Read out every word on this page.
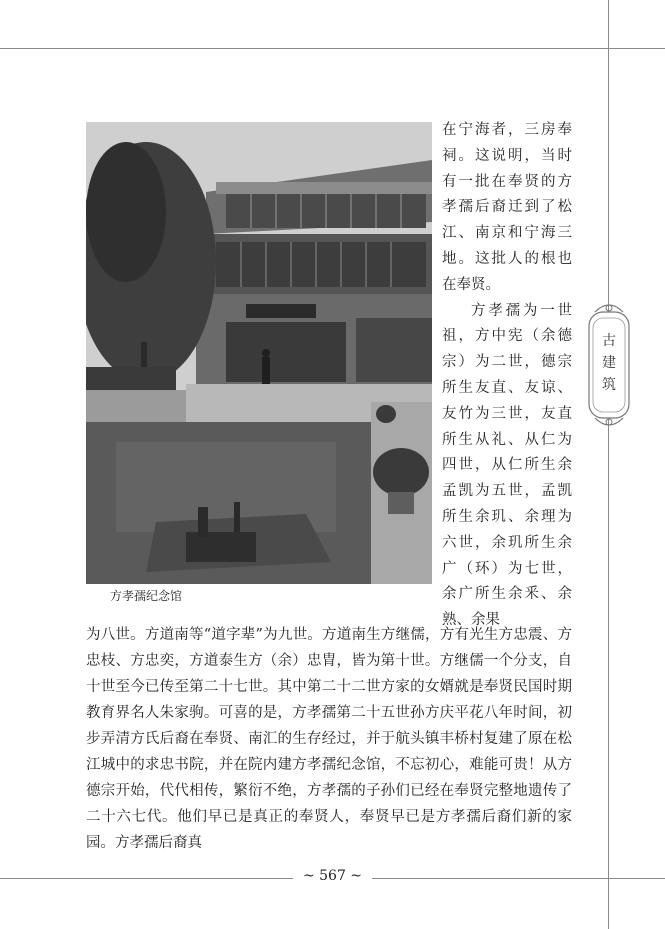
方孝孺纪念馆

在宁海者，三房奉祠。这说明，当时有一批在奉贤的方孝孺后裔迁到了松江、南京和宁海三地。这批人的根也在奉贤。

方孝孺为一世祖，方中宪（余德宗）为二世，德宗所生友直、友谅、友竹为三世，友直所生从礼、从仁为四世，从仁所生余孟凯为五世，孟凯所生余玑、余理为六世，余玑所生余广（环）为七世，余广所生余釆、余熟、余果

为八世。方道南等“道字辈”为九世。方道南生方继儒，方有光生方忠震、方忠枝、方忠奕，方道泰生方（余）忠胄，皆为第十世。方继儒一个分支，自十世至今已传至第二十七世。其中第二十二世方家的女婿就是奉贤民国时期教育界名人朱家驹。可喜的是，方孝孺第二十五世孙方庆平花八年时间，初步弄清方氏后裔在奉贤、南汇的生存经过，并于航头镇丰桥村复建了原在松江城中的求忠书院，并在院内建方孝孺纪念馆，不忘初心，难能可贵！从方德宗开始，代代相传，繁衍不绝，方孝孺的子孙们已经在奉贤完整地遗传了二十六七代。他们早已是真正的奉贤人，奉贤早已是方孝孺后裔们新的家园。方孝孺后裔真

古建筑
~ 567 ~
